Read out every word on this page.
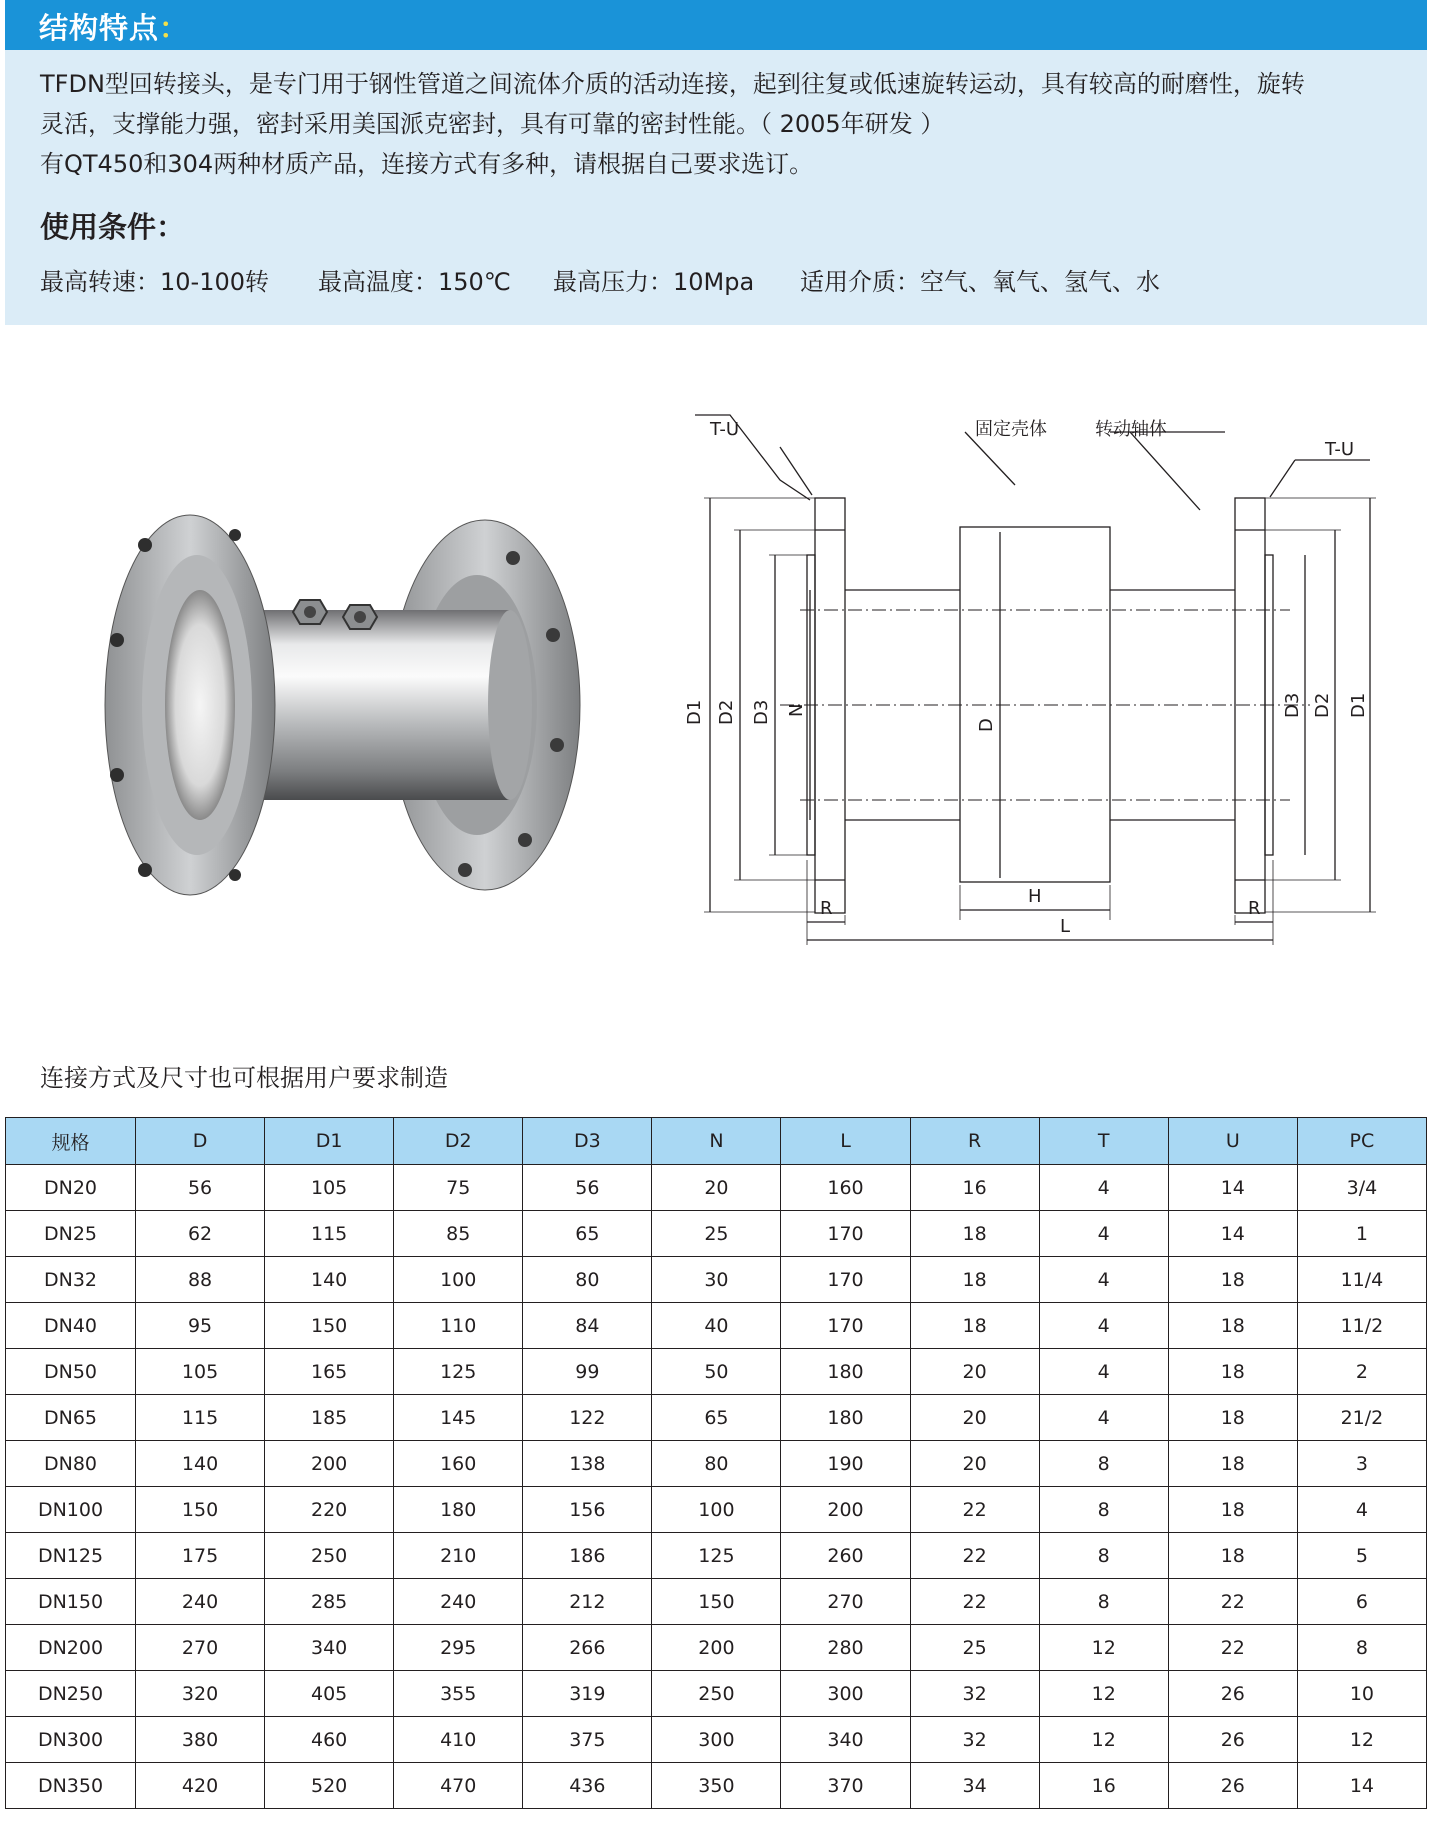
结构特点：
TFDN型回转接头，是专门用于钢性管道之间流体介质的活动连接，起到往复或低速旋转运动，具有较高的耐磨性，旋转
灵活，支撑能力强，密封采用美国派克密封，具有可靠的密封性能。（ 2005年研发 ）
有QT450和304两种材质产品，连接方式有多种，请根据自己要求选订。
使用条件：
最高转速：10-100转 最高温度：150℃ 最高压力：10Mpa 适用介质：空气、氧气、氢气、水
T-U	固定壳体	转动轴体
T-U
D1 D2 D3 N
D
D3 D2 D1
R
H
R
L
连接方式及尺寸也可根据用户要求制造
规格	D	D1	D2	D3	N	L	R	T	U	PC
DN20	56	105	75	56	20	160	16	4	14	3/4
DN25	62	115	85	65	25	170	18	4	14	1
DN32	88	140	100	80	30	170	18	4	18	11/4
DN40	95	150	110	84	40	170	18	4	18	11/2
DN50	105	165	125	99	50	180	20	4	18	2
DN65	115	185	145	122	65	180	20	4	18	21/2
DN80	140	200	160	138	80	190	20	8	18	3
DN100	150	220	180	156	100	200	22	8	18	4
DN125	175	250	210	186	125	260	22	8	18	5
DN150	240	285	240	212	150	270	22	8	22	6
DN200	270	340	295	266	200	280	25	12	22	8
DN250	320	405	355	319	250	300	32	12	26	10
DN300	380	460	410	375	300	340	32	12	26	12
DN350	420	520	470	436	350	370	34	16	26	14
